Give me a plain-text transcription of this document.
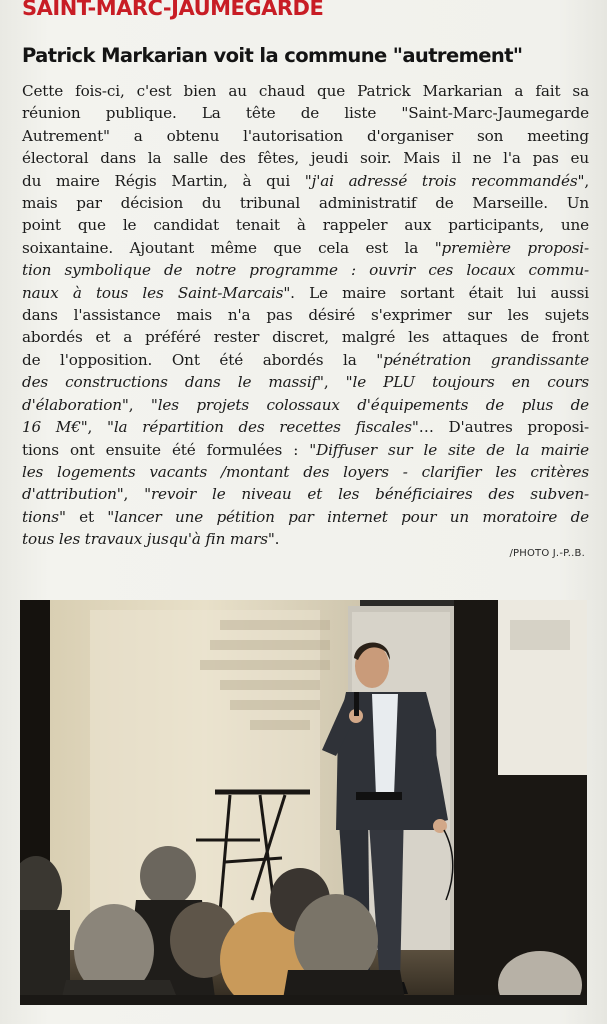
SAINT-MARC-JAUMEGARDE
Patrick Markarian voit la commune "autrement"
Cette fois-ci, c'est bien au chaud que Patrick Markarian a fait sa
réunion publique. La tête de liste "Saint-Marc-Jaumegarde
Autrement" a obtenu l'autorisation d'organiser son meeting
électoral dans la salle des fêtes, jeudi soir. Mais il ne l'a pas eu
du maire Régis Martin, à qui "j'ai adressé trois recommandés",
mais par décision du tribunal administratif de Marseille. Un
point que le candidat tenait à rappeler aux participants, une
soixantaine. Ajoutant même que cela est la "première proposi-
tion symbolique de notre programme : ouvrir ces locaux commu-
naux à tous les Saint-Marcais". Le maire sortant était lui aussi
dans l'assistance mais n'a pas désiré s'exprimer sur les sujets
abordés et a préféré rester discret, malgré les attaques de front
de l'opposition. Ont été abordés la "pénétration grandissante
des constructions dans le massif", "le PLU toujours en cours
d'élaboration", "les projets colossaux d'équipements de plus de
16 M€", "la répartition des recettes fiscales"… D'autres proposi-
tions ont ensuite été formulées : "Diffuser sur le site de la mairie
les logements vacants /montant des loyers - clarifier les critères
d'attribution", "revoir le niveau et les bénéficiaires des subven-
tions" et "lancer une pétition par internet pour un moratoire de
tous les travaux jusqu'à fin mars".
/PHOTO J.-P..B.
